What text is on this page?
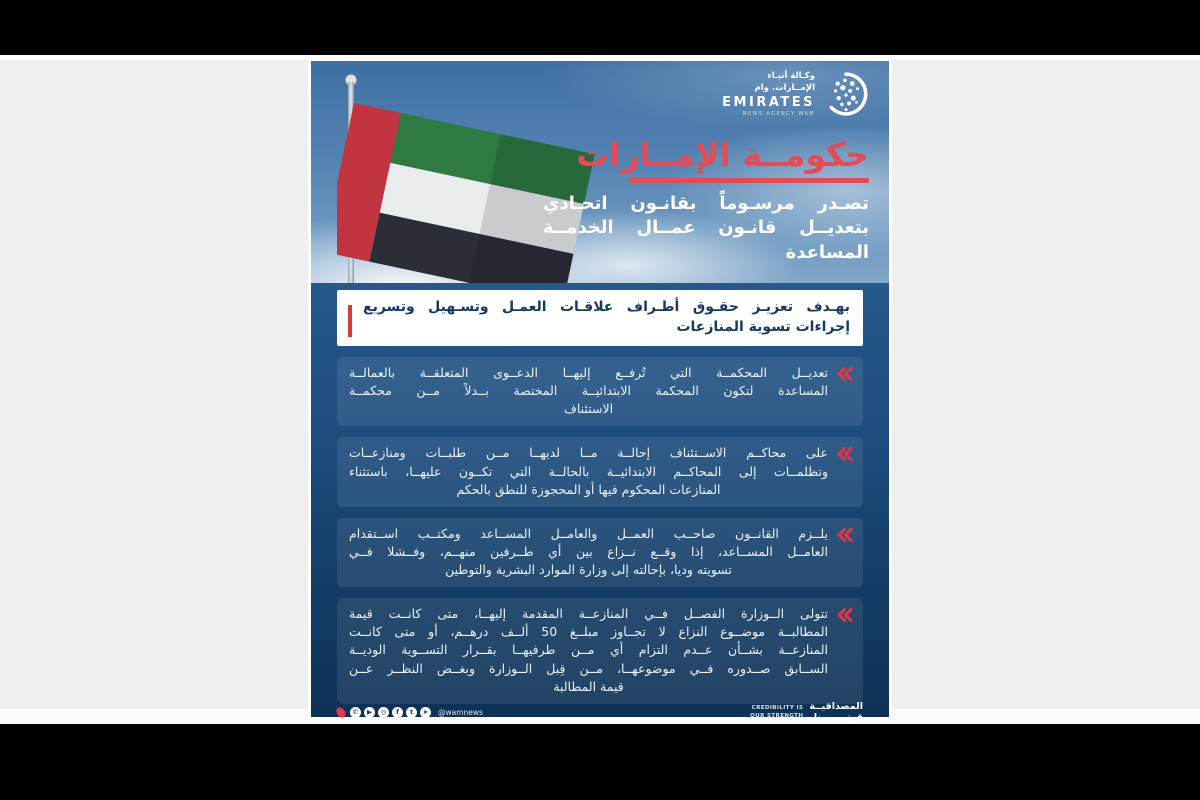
وكـالة أنبـاء
الإمــارات. وام
EMIRATES
NEWS AGENCY WAM
حكومــة الإمــارات
تصـدر مرسـوماً بقانـون اتحـادي
بتعديــل قانـون عمــال الخدمــة
المساعدة
بهـدف تعزيـز حقـوق أطـراف علاقـات العمـل وتسـهيل وتسريع
إجراءات تسوية المنازعات
تعديــل المحكمــة التي تُرفــع إليهــا الدعــوى المتعلقــة بالعمالــة
المساعدة لتكون المحكمة الابتدائيــة المختصة بــدلاً مــن محكمــة
الاستئناف
على محاكــم الاســتئناف إحالــة مــا لديهــا مــن طلبــات ومنازعــات
وتظلمــات إلى المحاكــم الابتدائيــة بالحالــة التي تكــون عليهــا، باستثناء
المنازعات المحكوم فيها أو المحجوزة للنطق بالحكم
يلــزم القانــون صاحــب العمــل والعامــل المســاعد ومكتــب اســتقدام
العامــل المســاعد، إذا وقــع نــزاع بين أي طــرفين منهــم، وفــشلا فــي
تسويته وديا، بإحالته إلى وزارة الموارد البشرية والتوطين
تتولى الــوزارة الفصــل فــي المنازعــة المقدمة إليهــا، متى كانــت قيمة
المطالبــة موضــوع النزاع لا تجــاوز مبلــغ 50 ألــف درهــم، أو متى كانــت
المنازعــة بشــأن عــدم التزام أي مــن طرفيهــا بقــرار التســوية الوديــة
الســابق صــدوره فــي موضوعهــا، مــن قِبل الــوزارة وبغــض النظــر عــن
قيمة المطالبة
✆	▶	◎	f	t	➤	@wamnews	CREDIBILITY IS
OUR STRENGTH
المصداقيــة
قوتــــــــنا
